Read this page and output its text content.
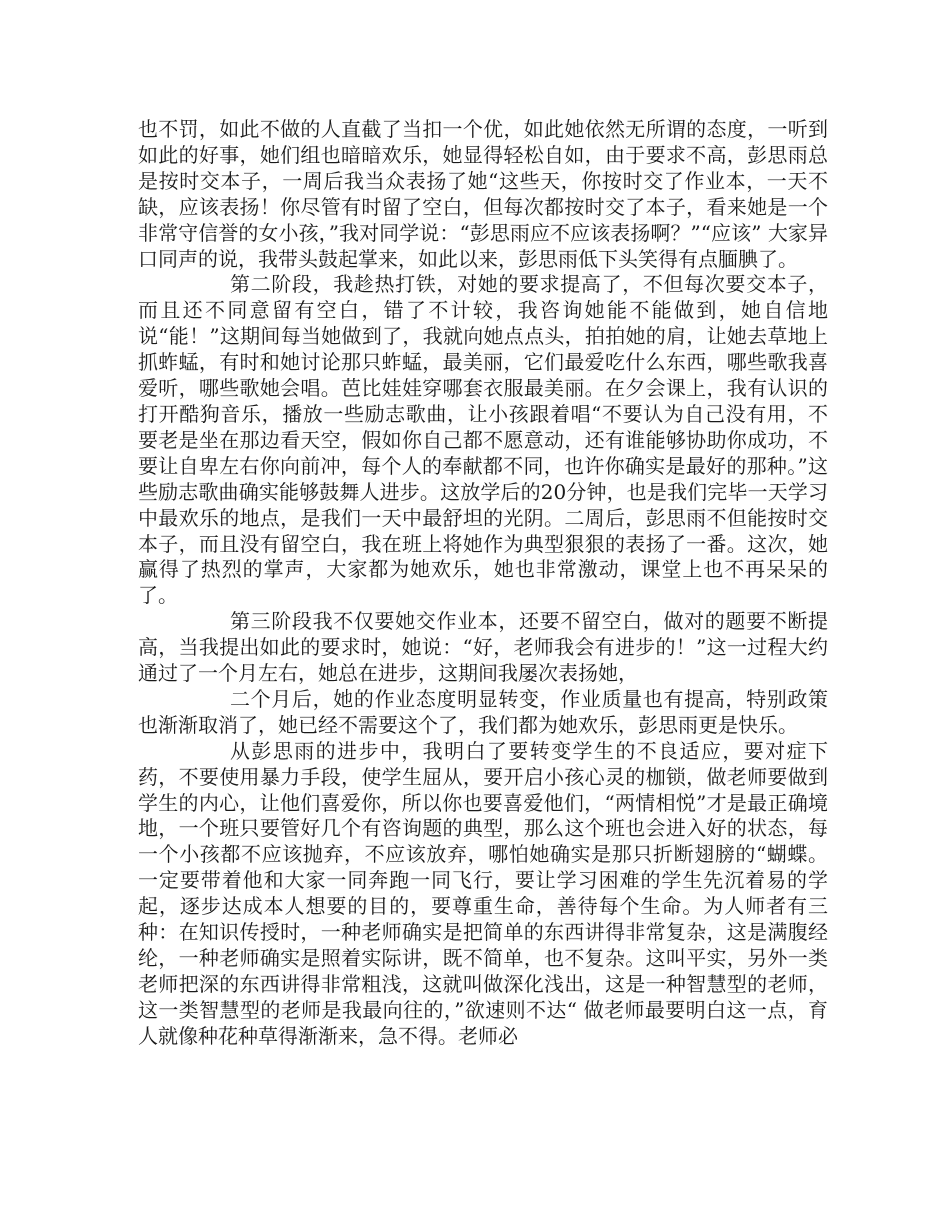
也不罚，如此不做的人直截了当扣一个优，如此她依然无所谓的态度，一听到如此的好事，她们组也暗暗欢乐，她显得轻松自如，由于要求不高，彭思雨总是按时交本子，一周后我当众表扬了她“这些天，你按时交了作业本，一天不缺，应该表扬！你尽管有时留了空白，但每次都按时交了本子，看来她是一个非常守信誉的女小孩，”我对同学说：“彭思雨应不应该表扬啊？”“应该” 大家异口同声的说，我带头鼓起掌来，如此以来，彭思雨低下头笑得有点腼腆了。

第二阶段，我趁热打铁，对她的要求提高了，不但每次要交本子，而且还不同意留有空白，错了不计较，我咨询她能不能做到，她自信地说“能！”这期间每当她做到了，我就向她点点头，拍拍她的肩，让她去草地上抓蚱蜢，有时和她讨论那只蚱蜢，最美丽，它们最爱吃什么东西，哪些歌我喜爱听，哪些歌她会唱。芭比娃娃穿哪套衣服最美丽。在夕会课上，我有认识的打开酷狗音乐，播放一些励志歌曲，让小孩跟着唱“不要认为自己没有用，不要老是坐在那边看天空，假如你自己都不愿意动，还有谁能够协助你成功，不要让自卑左右你向前冲，每个人的奉献都不同，也许你确实是最好的那种。”这些励志歌曲确实能够鼓舞人进步。这放学后的20分钟，也是我们完毕一天学习中最欢乐的地点，是我们一天中最舒坦的光阴。二周后，彭思雨不但能按时交本子，而且没有留空白，我在班上将她作为典型狠狠的表扬了一番。这次，她赢得了热烈的掌声，大家都为她欢乐，她也非常激动，课堂上也不再呆呆的了。

第三阶段我不仅要她交作业本，还要不留空白，做对的题要不断提高，当我提出如此的要求时，她说：“好，老师我会有进步的！”这一过程大约通过了一个月左右，她总在进步，这期间我屡次表扬她，

二个月后，她的作业态度明显转变，作业质量也有提高，特别政策也渐渐取消了，她已经不需要这个了，我们都为她欢乐，彭思雨更是快乐。

从彭思雨的进步中，我明白了要转变学生的不良适应，要对症下药，不要使用暴力手段，使学生屈从，要开启小孩心灵的枷锁，做老师要做到学生的内心，让他们喜爱你，所以你也要喜爱他们，“两情相悦”才是最正确境地，一个班只要管好几个有咨询题的典型，那么这个班也会进入好的状态，每一个小孩都不应该抛弃，不应该放弃，哪怕她确实是那只折断翅膀的“蝴蝶。一定要带着他和大家一同奔跑一同飞行，要让学习困难的学生先沉着易的学起，逐步达成本人想要的目的，要尊重生命，善待每个生命。为人师者有三种：在知识传授时，一种老师确实是把简单的东西讲得非常复杂，这是满腹经纶，一种老师确实是照着实际讲，既不简单，也不复杂。这叫平实，另外一类老师把深的东西讲得非常粗浅，这就叫做深化浅出，这是一种智慧型的老师，这一类智慧型的老师是我最向往的，”欲速则不达“ 做老师最要明白这一点，育人就像种花种草得渐渐来，急不得。老师必
